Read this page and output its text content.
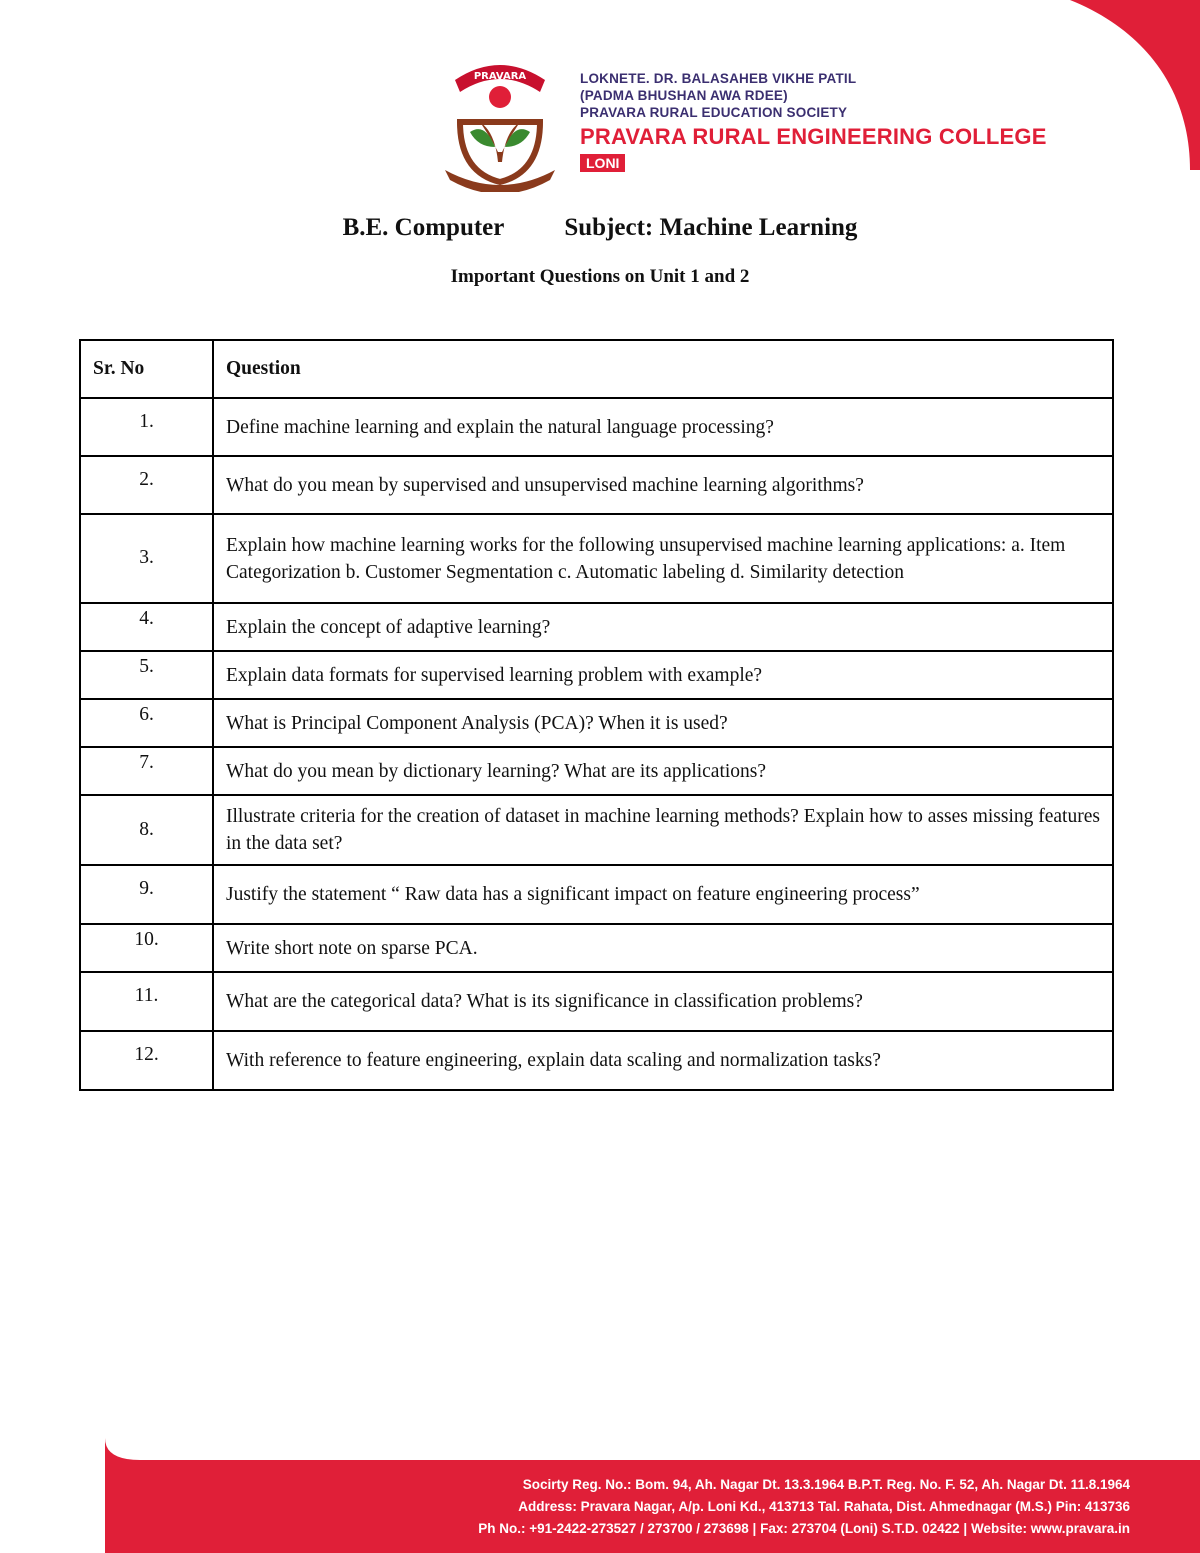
PRAVARA	LOKNETE. DR. BALASAHEB VIKHE PATIL
(PADMA BHUSHAN AWA RDEE)
PRAVARA RURAL EDUCATION SOCIETY
PRAVARA RURAL ENGINEERING COLLEGE
LONI
B.E. Computer Subject: Machine Learning
Important Questions on Unit 1 and 2
Sr. No	Question
1.	Define machine learning and explain the natural language processing?
2.	What do you mean by supervised and unsupervised machine learning algorithms?
3.	Explain how machine learning works for the following unsupervised machine learning applications: a. Item Categorization b. Customer Segmentation c. Automatic labeling d. Similarity detection
4.	Explain the concept of adaptive learning?
5.	Explain data formats for supervised learning problem with example?
6.	What is Principal Component Analysis (PCA)? When it is used?
7.	What do you mean by dictionary learning? What are its applications?
8.	Illustrate criteria for the creation of dataset in machine learning methods? Explain how to asses missing features in the data set?
9.	Justify the statement “ Raw data has a significant impact on feature engineering process”
10.	Write short note on sparse PCA.
11.	What are the categorical data? What is its significance in classification problems?
12.	With reference to feature engineering, explain data scaling and normalization tasks?
Socirty Reg. No.: Bom. 94, Ah. Nagar Dt. 13.3.1964 B.P.T. Reg. No. F. 52, Ah. Nagar Dt. 11.8.1964
Address: Pravara Nagar, A/p. Loni Kd., 413713 Tal. Rahata, Dist. Ahmednagar (M.S.) Pin: 413736
Ph No.: +91-2422-273527 / 273700 / 273698 | Fax: 273704 (Loni) S.T.D. 02422 | Website: www.pravara.in
